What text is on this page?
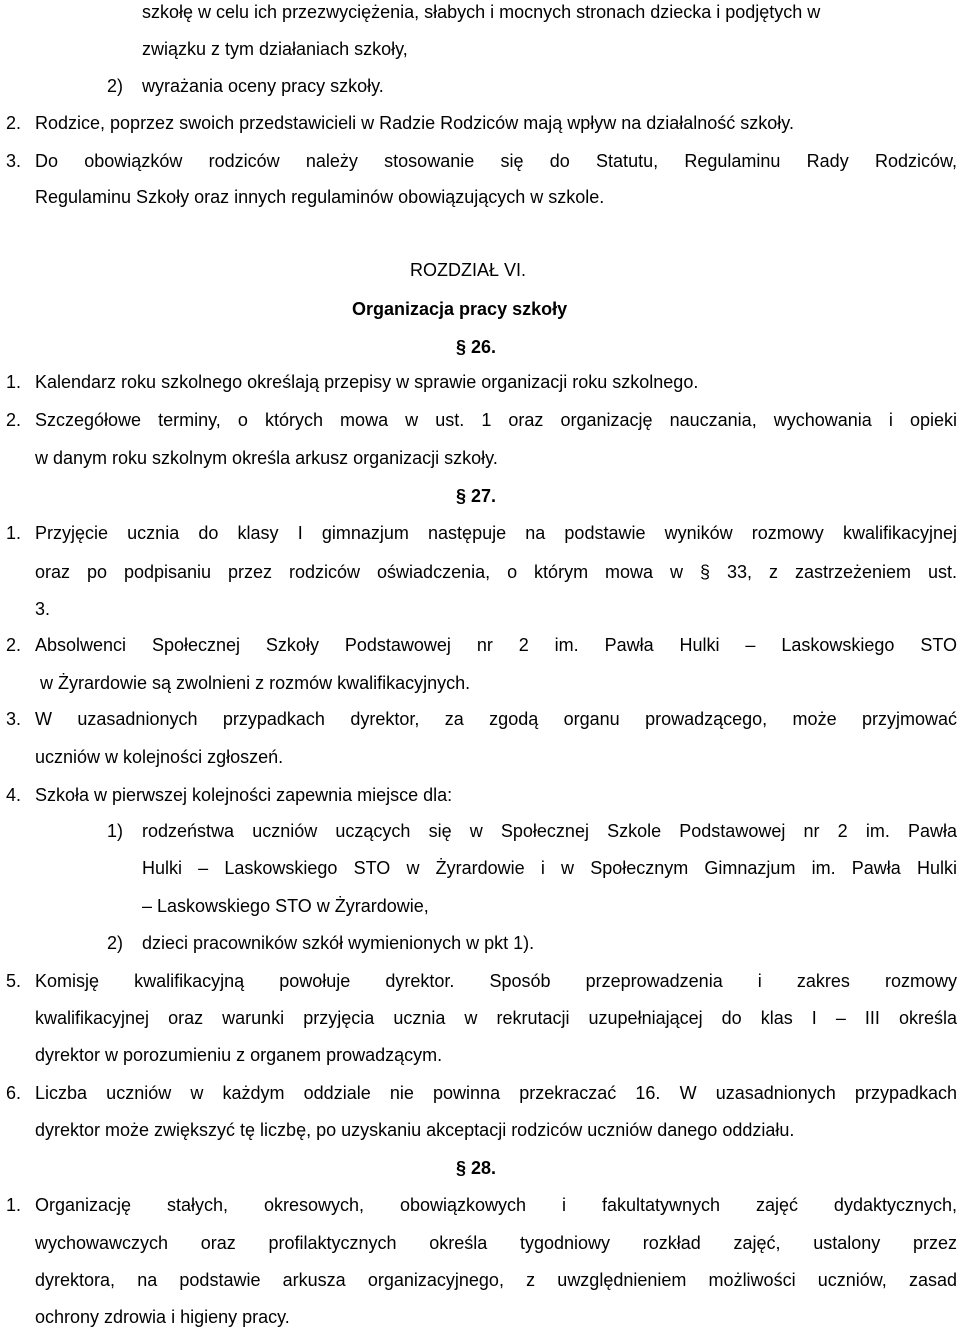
szkołę w celu ich przezwyciężenia, słabych i mocnych stronach dziecka i podjętych w
związku z tym działaniach szkoły,
2) wyrażania oceny pracy szkoły.
2. Rodzice, poprzez swoich przedstawicieli w Radzie Rodziców mają wpływ na działalność szkoły.
3. Do obowiązków rodziców należy stosowanie się do Statutu, Regulaminu Rady Rodziców,
Regulaminu Szkoły oraz innych regulaminów obowiązujących w szkole.
ROZDZIAŁ VI.
Organizacja pracy szkoły
§ 26.
1. Kalendarz roku szkolnego określają przepisy w sprawie organizacji roku szkolnego.
2. Szczegółowe terminy, o których mowa w ust. 1 oraz organizację nauczania, wychowania i opieki
w danym roku szkolnym określa arkusz organizacji szkoły.
§ 27.
1. Przyjęcie ucznia do klasy I gimnazjum następuje na podstawie wyników rozmowy kwalifikacyjnej
oraz po podpisaniu przez rodziców oświadczenia, o którym mowa w § 33, z zastrzeżeniem ust.
3.
2. Absolwenci Społecznej Szkoły Podstawowej nr 2 im. Pawła Hulki – Laskowskiego STO
w Żyrardowie są zwolnieni z rozmów kwalifikacyjnych.
3. W uzasadnionych przypadkach dyrektor, za zgodą organu prowadzącego, może przyjmować
uczniów w kolejności zgłoszeń.
4. Szkoła w pierwszej kolejności zapewnia miejsce dla:
1) rodzeństwa uczniów uczących się w Społecznej Szkole Podstawowej nr 2 im. Pawła
Hulki – Laskowskiego STO w Żyrardowie i w Społecznym Gimnazjum im. Pawła Hulki
– Laskowskiego STO w Żyrardowie,
2) dzieci pracowników szkół wymienionych w pkt 1).
5. Komisję kwalifikacyjną powołuje dyrektor. Sposób przeprowadzenia i zakres rozmowy
kwalifikacyjnej oraz warunki przyjęcia ucznia w rekrutacji uzupełniającej do klas I – III określa
dyrektor w porozumieniu z organem prowadzącym.
6. Liczba uczniów w każdym oddziale nie powinna przekraczać 16. W uzasadnionych przypadkach
dyrektor może zwiększyć tę liczbę, po uzyskaniu akceptacji rodziców uczniów danego oddziału.
§ 28.
1. Organizację stałych, okresowych, obowiązkowych i fakultatywnych zajęć dydaktycznych,
wychowawczych oraz profilaktycznych określa tygodniowy rozkład zajęć, ustalony przez
dyrektora, na podstawie arkusza organizacyjnego, z uwzględnieniem możliwości uczniów, zasad
ochrony zdrowia i higieny pracy.
